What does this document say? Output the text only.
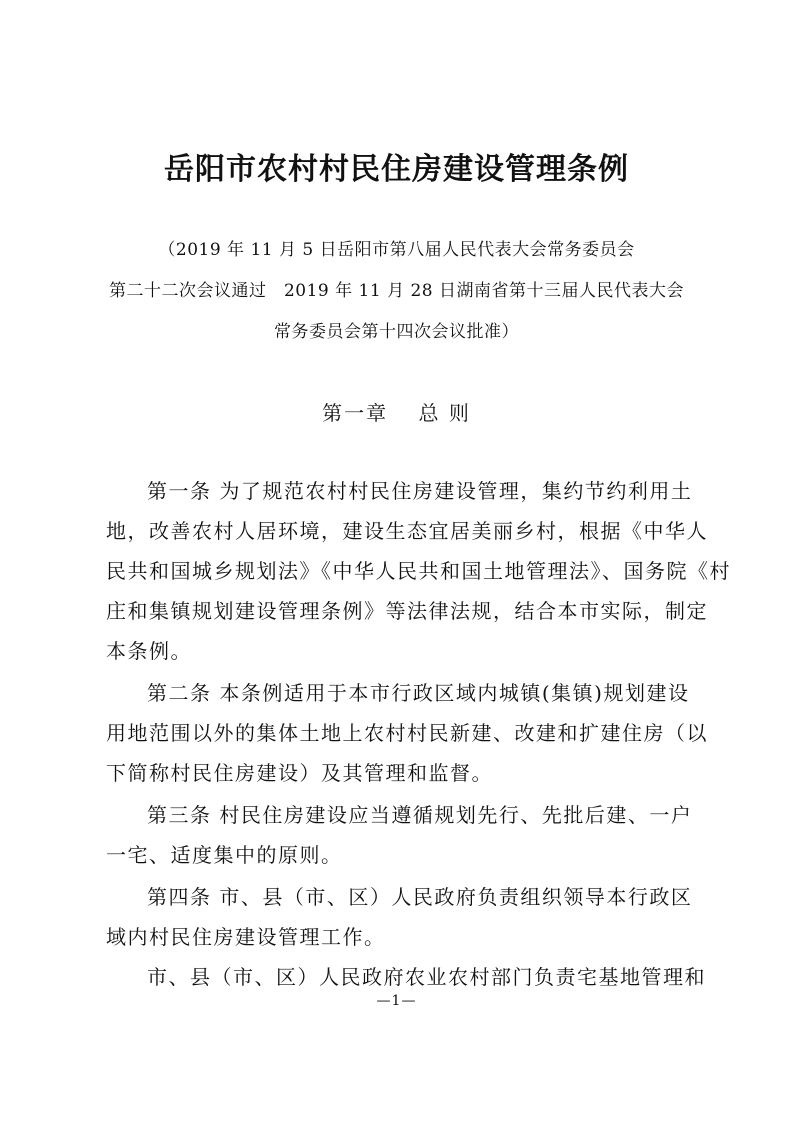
岳阳市农村村民住房建设管理条例
（2019 年 11 月 5 日岳阳市第八届人民代表大会常务委员会
第二十二次会议通过　2019 年 11 月 28 日湖南省第十三届人民代表大会
常务委员会第十四次会议批准）
第一章　 总 则
第一条 为了规范农村村民住房建设管理，集约节约利用土
地，改善农村人居环境，建设生态宜居美丽乡村，根据《中华人
民共和国城乡规划法》《中华人民共和国土地管理法》、国务院《村
庄和集镇规划建设管理条例》等法律法规，结合本市实际，制定
本条例。
第二条 本条例适用于本市行政区域内城镇(集镇)规划建设
用地范围以外的集体土地上农村村民新建、改建和扩建住房（以
下简称村民住房建设）及其管理和监督。
第三条 村民住房建设应当遵循规划先行、先批后建、一户
一宅、适度集中的原则。
第四条 市、县（市、区）人民政府负责组织领导本行政区
域内村民住房建设管理工作。
市、县（市、区）人民政府农业农村部门负责宅基地管理和
—1—
